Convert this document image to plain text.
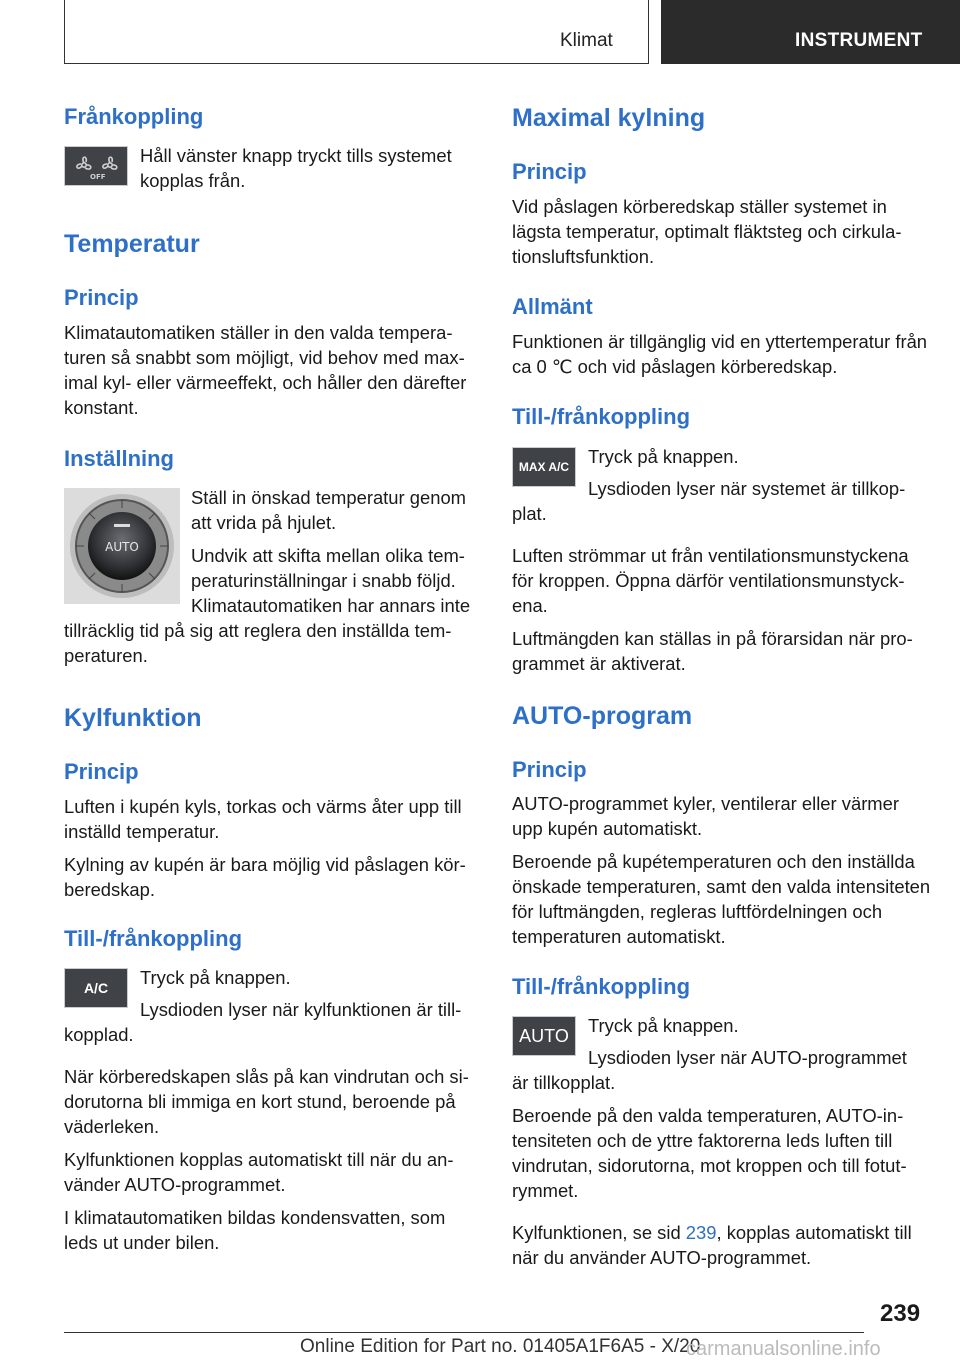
Klimat	INSTRUMENT
Frånkoppling
OFF

Håll vänster knapp tryckt tills systemet kopplas från.

Temperatur
Princip

Klimatautomatiken ställer in den valda temperaturen så snabbt som möjligt, vid behov med maximal kyl- eller värmeeffekt, och håller den därefter konstant.

Inställning
AUTO

Ställ in önskad temperatur genom att vrida på hjulet.

Undvik att skifta mellan olika temperaturinställningar i snabb följd. Klimatautomatiken har annars inte

tillräcklig tid på sig att reglera den inställda temperaturen.

Kylfunktion
Princip

Luften i kupén kyls, torkas och värms åter upp till inställd temperatur.

Kylning av kupén är bara möjlig vid påslagen körberedskap.

Till-/frånkoppling
A/C	Tryck på knappen.

Lysdioden lyser när kylfunktionen är till-

kopplad.

När körberedskapen slås på kan vindrutan och sidorutorna bli immiga en kort stund, beroende på väderleken.

Kylfunktionen kopplas automatiskt till när du använder AUTO-programmet.

I klimatautomatiken bildas kondensvatten, som leds ut under bilen.

Maximal kylning
Princip

Vid påslagen körberedskap ställer systemet in lägsta temperatur, optimalt fläktsteg och cirkulationsluftsfunktion.

Allmänt

Funktionen är tillgänglig vid en yttertemperatur från ca 0 ℃ och vid påslagen körberedskap.

Till-/frånkoppling
MAX A/C	Tryck på knappen.

Lysdioden lyser när systemet är tillkop-

plat.

Luften strömmar ut från ventilationsmunstyckena för kroppen. Öppna därför ventilationsmunstyckena.

Luftmängden kan ställas in på förarsidan när programmet är aktiverat.

AUTO-program
Princip

AUTO-programmet kyler, ventilerar eller värmer upp kupén automatiskt.

Beroende på kupétemperaturen och den inställda önskade temperaturen, samt den valda intensiteten för luftmängden, regleras luftfördelningen och temperaturen automatiskt.

Till-/frånkoppling
AUTO	Tryck på knappen.

Lysdioden lyser när AUTO-programmet

är tillkopplat.

Beroende på den valda temperaturen, AUTO-intensiteten och de yttre faktorerna leds luften till vindrutan, sidorutorna, mot kroppen och till fotutrymmet.

Kylfunktionen, se sid 239, kopplas automatiskt till när du använder AUTO-programmet.

239
Online Edition for Part no. 01405A1F6A5 - X/20
carmanualsonline.info
